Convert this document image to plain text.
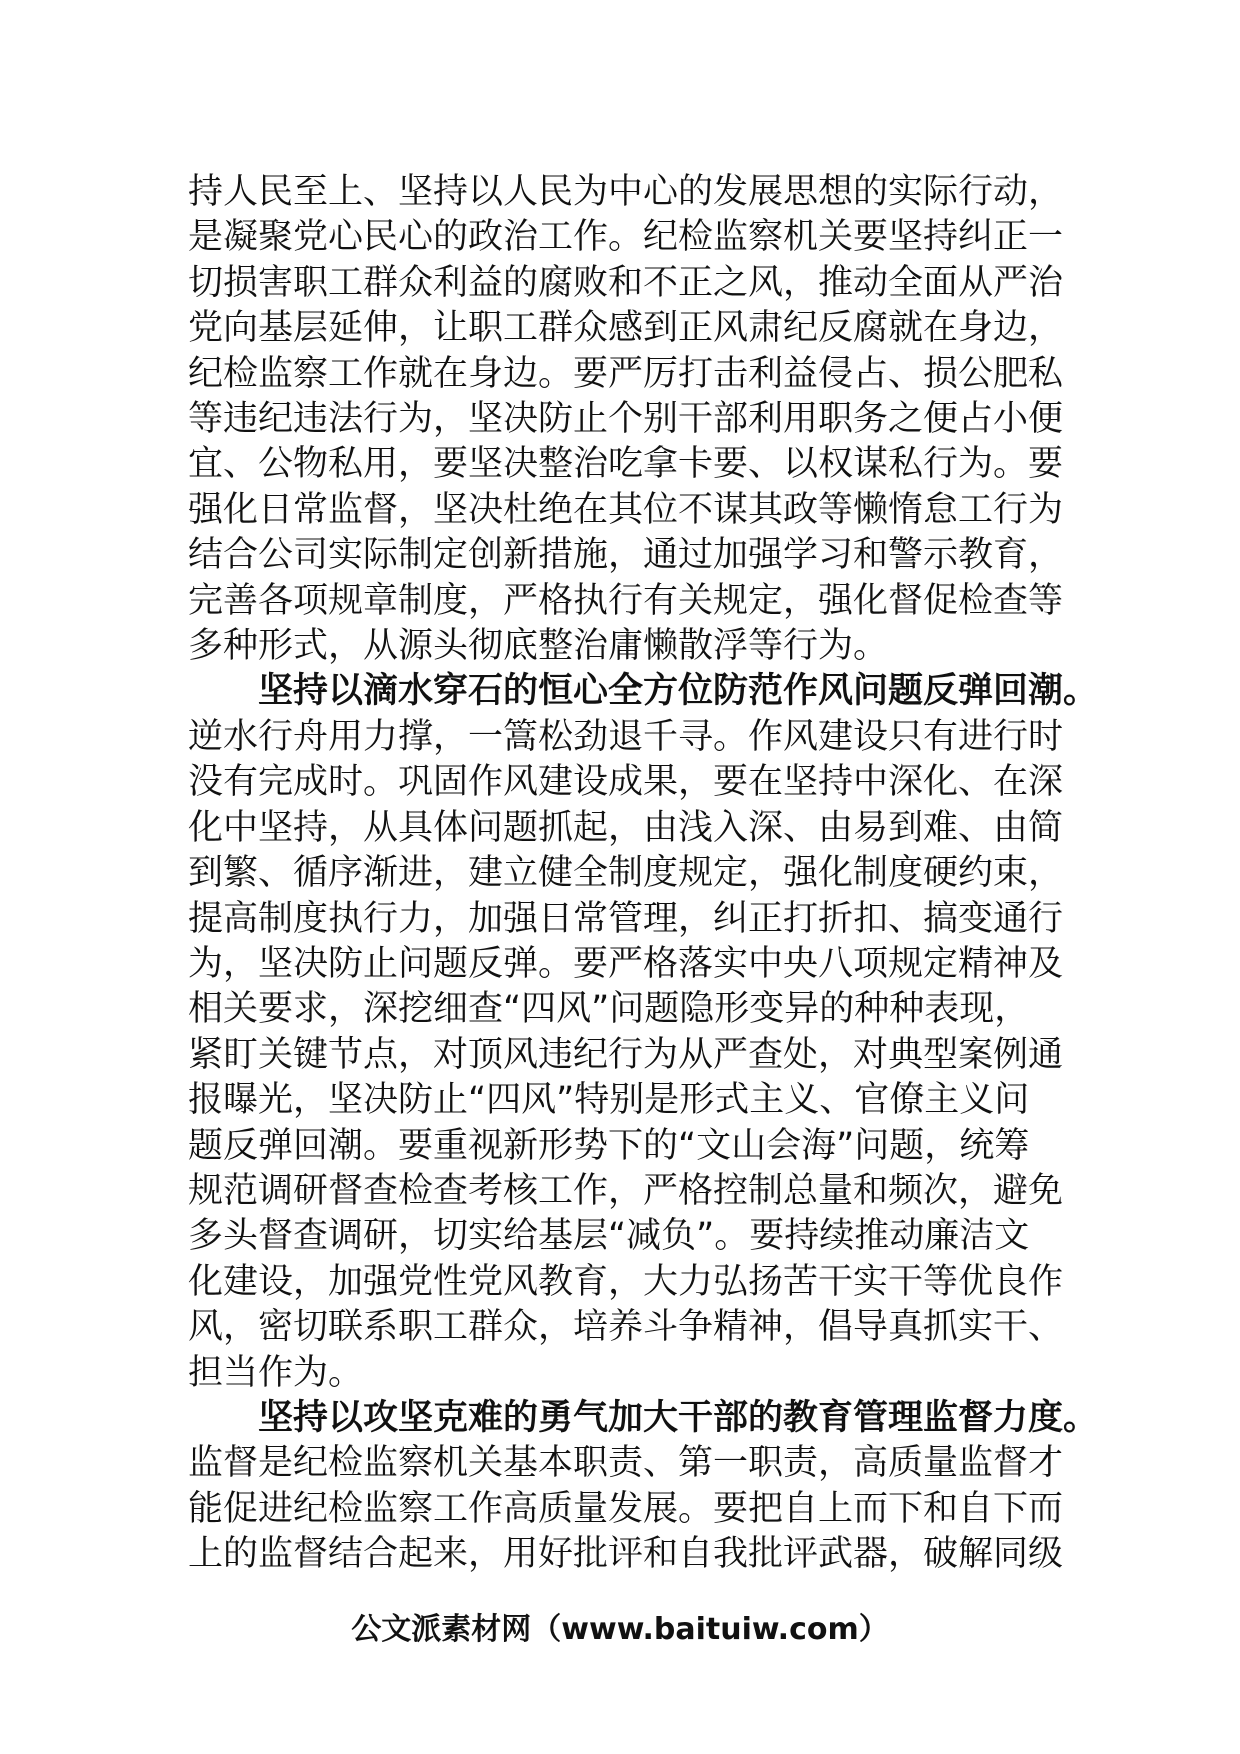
持人民至上、坚持以人民为中心的发展思想的实际行动，
是凝聚党心民心的政治工作。纪检监察机关要坚持纠正一
切损害职工群众利益的腐败和不正之风，推动全面从严治
党向基层延伸，让职工群众感到正风肃纪反腐就在身边，
纪检监察工作就在身边。要严厉打击利益侵占、损公肥私
等违纪违法行为，坚决防止个别干部利用职务之便占小便
宜、公物私用，要坚决整治吃拿卡要、以权谋私行为。要
强化日常监督，坚决杜绝在其位不谋其政等懒惰怠工行为
结合公司实际制定创新措施，通过加强学习和警示教育，
完善各项规章制度，严格执行有关规定，强化督促检查等
多种形式，从源头彻底整治庸懒散浮等行为。
　　坚持以滴水穿石的恒心全方位防范作风问题反弹回潮。
逆水行舟用力撑，一篙松劲退千寻。作风建设只有进行时
没有完成时。巩固作风建设成果，要在坚持中深化、在深
化中坚持，从具体问题抓起，由浅入深、由易到难、由简
到繁、循序渐进，建立健全制度规定，强化制度硬约束，
提高制度执行力，加强日常管理，纠正打折扣、搞变通行
为，坚决防止问题反弹。要严格落实中央八项规定精神及
相关要求，深挖细查“四风”问题隐形变异的种种表现，
紧盯关键节点，对顶风违纪行为从严查处，对典型案例通
报曝光，坚决防止“四风”特别是形式主义、官僚主义问
题反弹回潮。要重视新形势下的“文山会海”问题，统筹
规范调研督查检查考核工作，严格控制总量和频次，避免
多头督查调研，切实给基层“减负”。要持续推动廉洁文
化建设，加强党性党风教育，大力弘扬苦干实干等优良作
风，密切联系职工群众，培养斗争精神，倡导真抓实干、
担当作为。
　　坚持以攻坚克难的勇气加大干部的教育管理监督力度。
监督是纪检监察机关基本职责、第一职责，高质量监督才
能促进纪检监察工作高质量发展。要把自上而下和自下而
上的监督结合起来，用好批评和自我批评武器，破解同级
公文派素材网（www.baituiw.com）
